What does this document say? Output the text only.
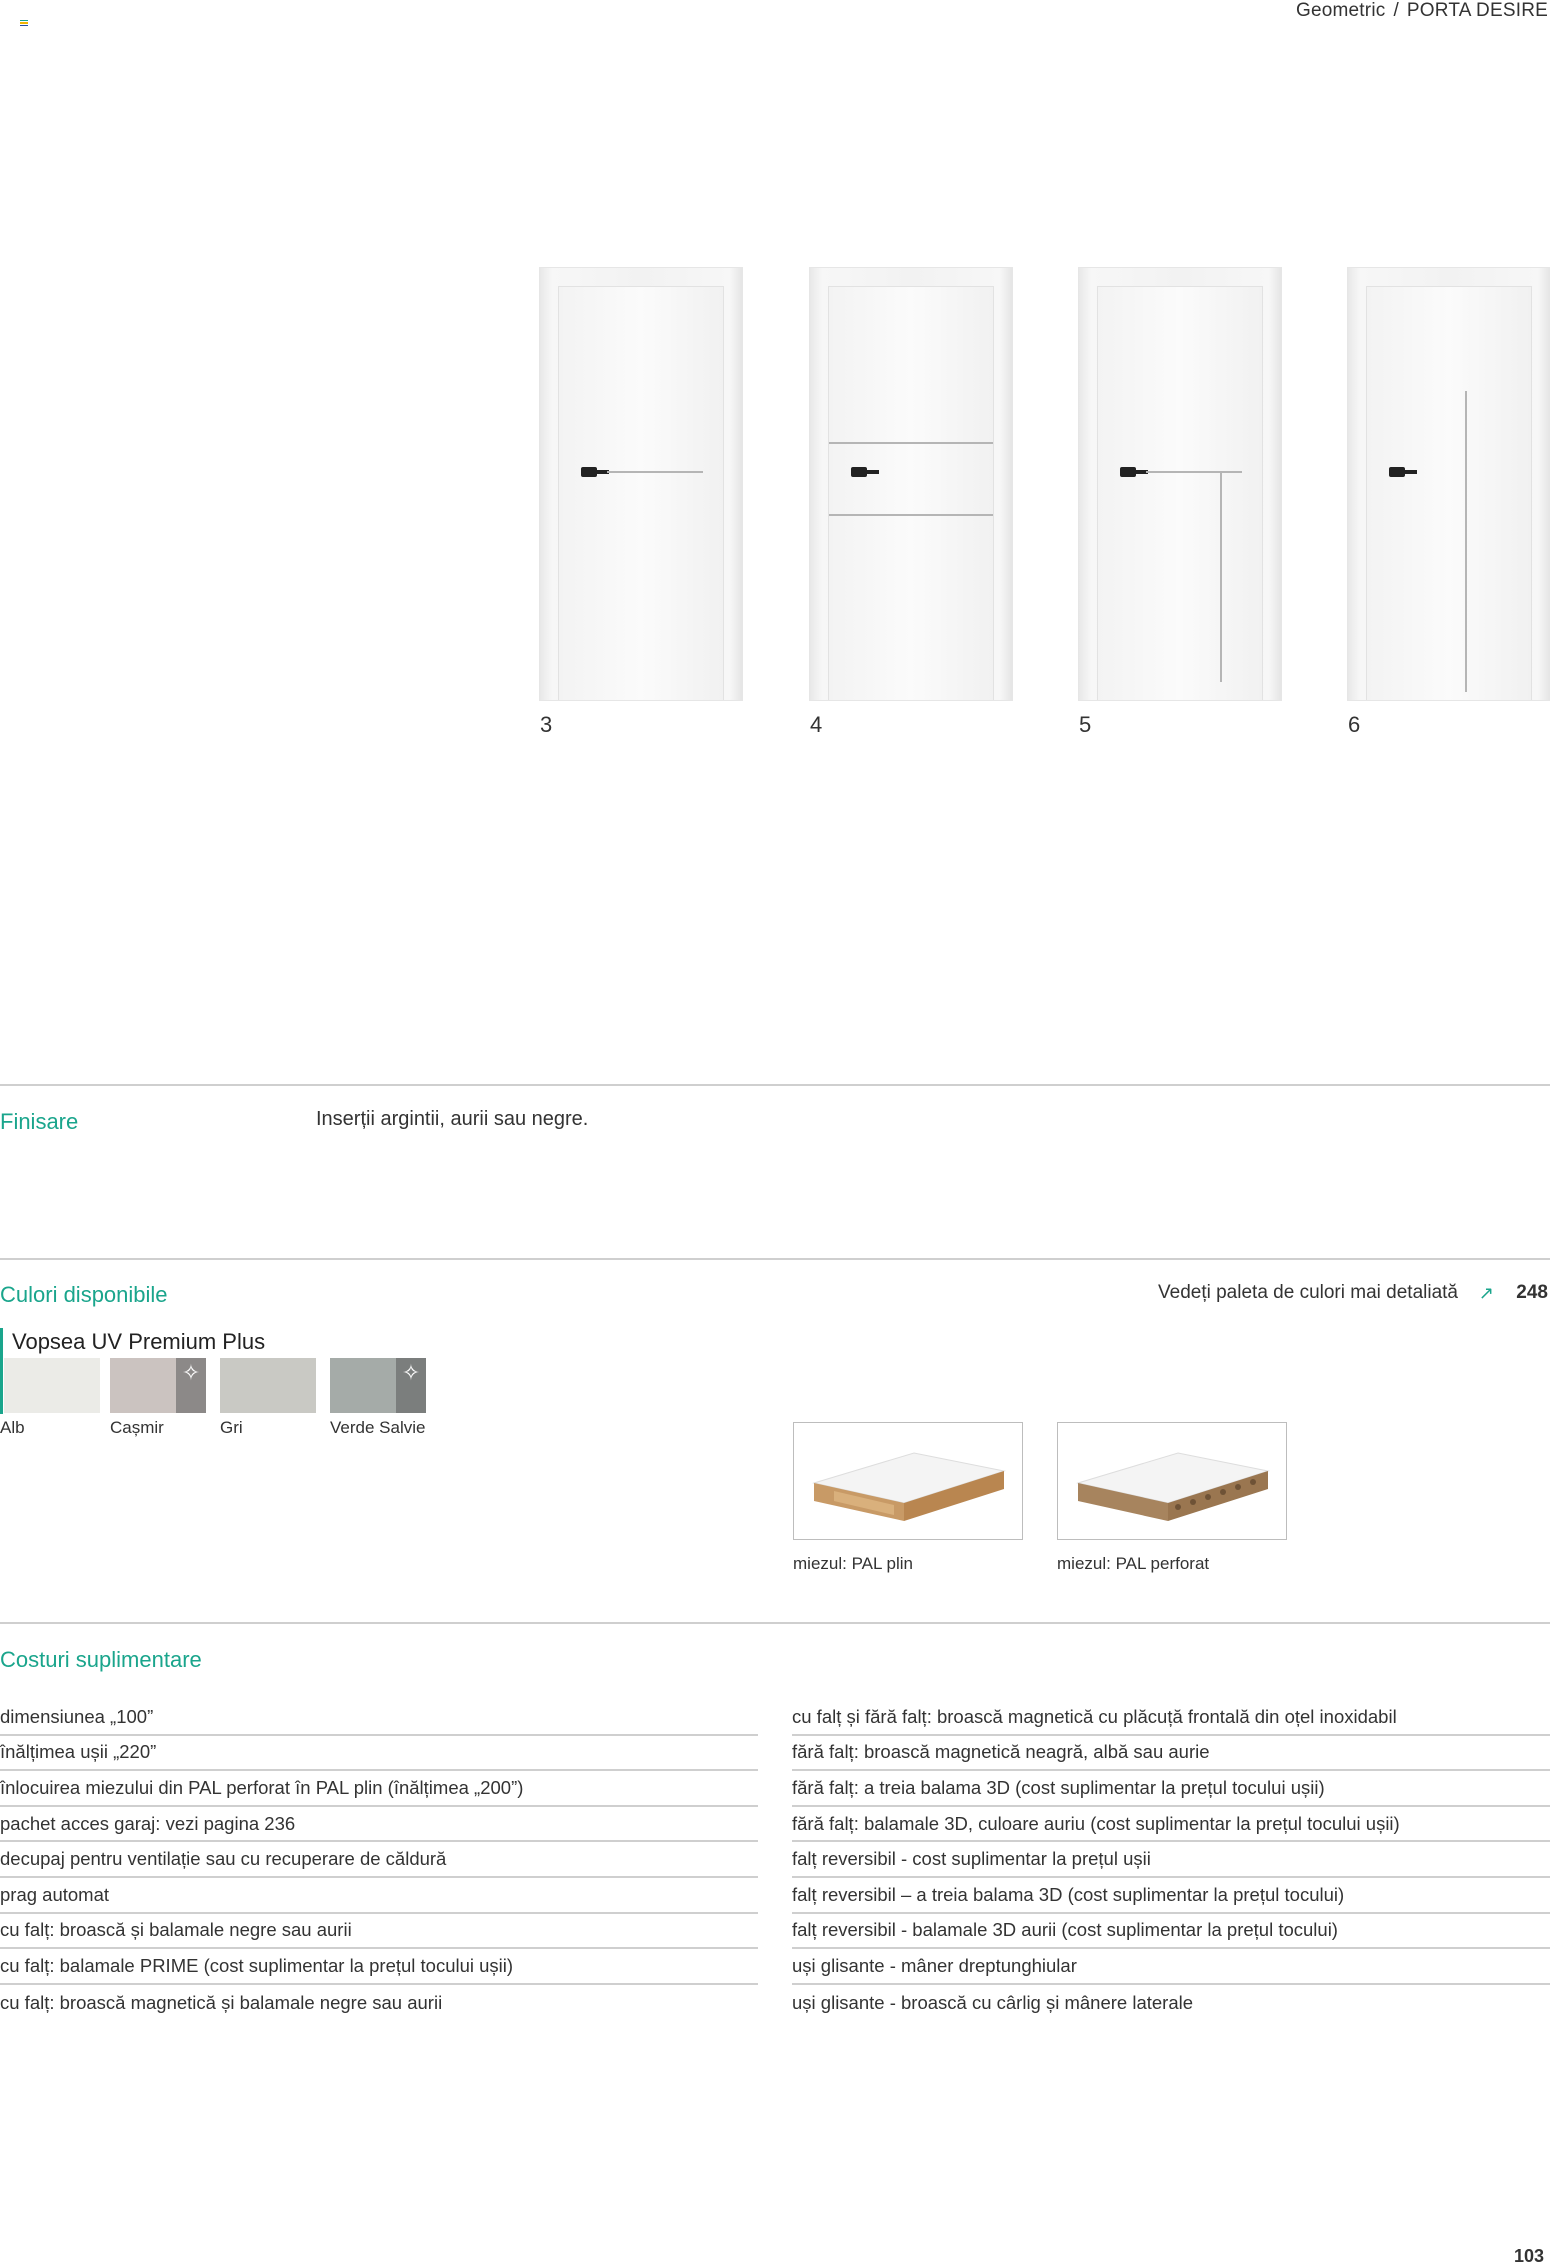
Geometric / PORTA DESIRE
3	4	5	6
Finisare	Inserții argintii, aurii sau negre.
Culori disponibile	Vedeți paleta de culori mai detaliată ↗ 248
Vopsea UV Premium Plus
✧	✧
Alb	Cașmir	Gri	Verde Salvie
miezul: PAL plin	miezul: PAL perforat
Costuri suplimentare
dimensiunea „100”
înălțimea ușii „220”
înlocuirea miezului din PAL perforat în PAL plin (înălțimea „200”)
pachet acces garaj: vezi pagina 236
decupaj pentru ventilație sau cu recuperare de căldură
prag automat
cu falț: broască și balamale negre sau aurii
cu falț: balamale PRIME (cost suplimentar la prețul tocului ușii)
cu falț: broască magnetică și balamale negre sau aurii
cu falț și fără falț: broască magnetică cu plăcuță frontală din oțel inoxidabil
fără falț: broască magnetică neagră, albă sau aurie
fără falț: a treia balama 3D (cost suplimentar la prețul tocului ușii)
fără falț: balamale 3D, culoare auriu (cost suplimentar la prețul tocului ușii)
falț reversibil - cost suplimentar la prețul ușii
falț reversibil – a treia balama 3D (cost suplimentar la prețul tocului)
falț reversibil - balamale 3D aurii (cost suplimentar la prețul tocului)
uși glisante - mâner dreptunghiular
uși glisante - broască cu cârlig și mânere laterale
103
